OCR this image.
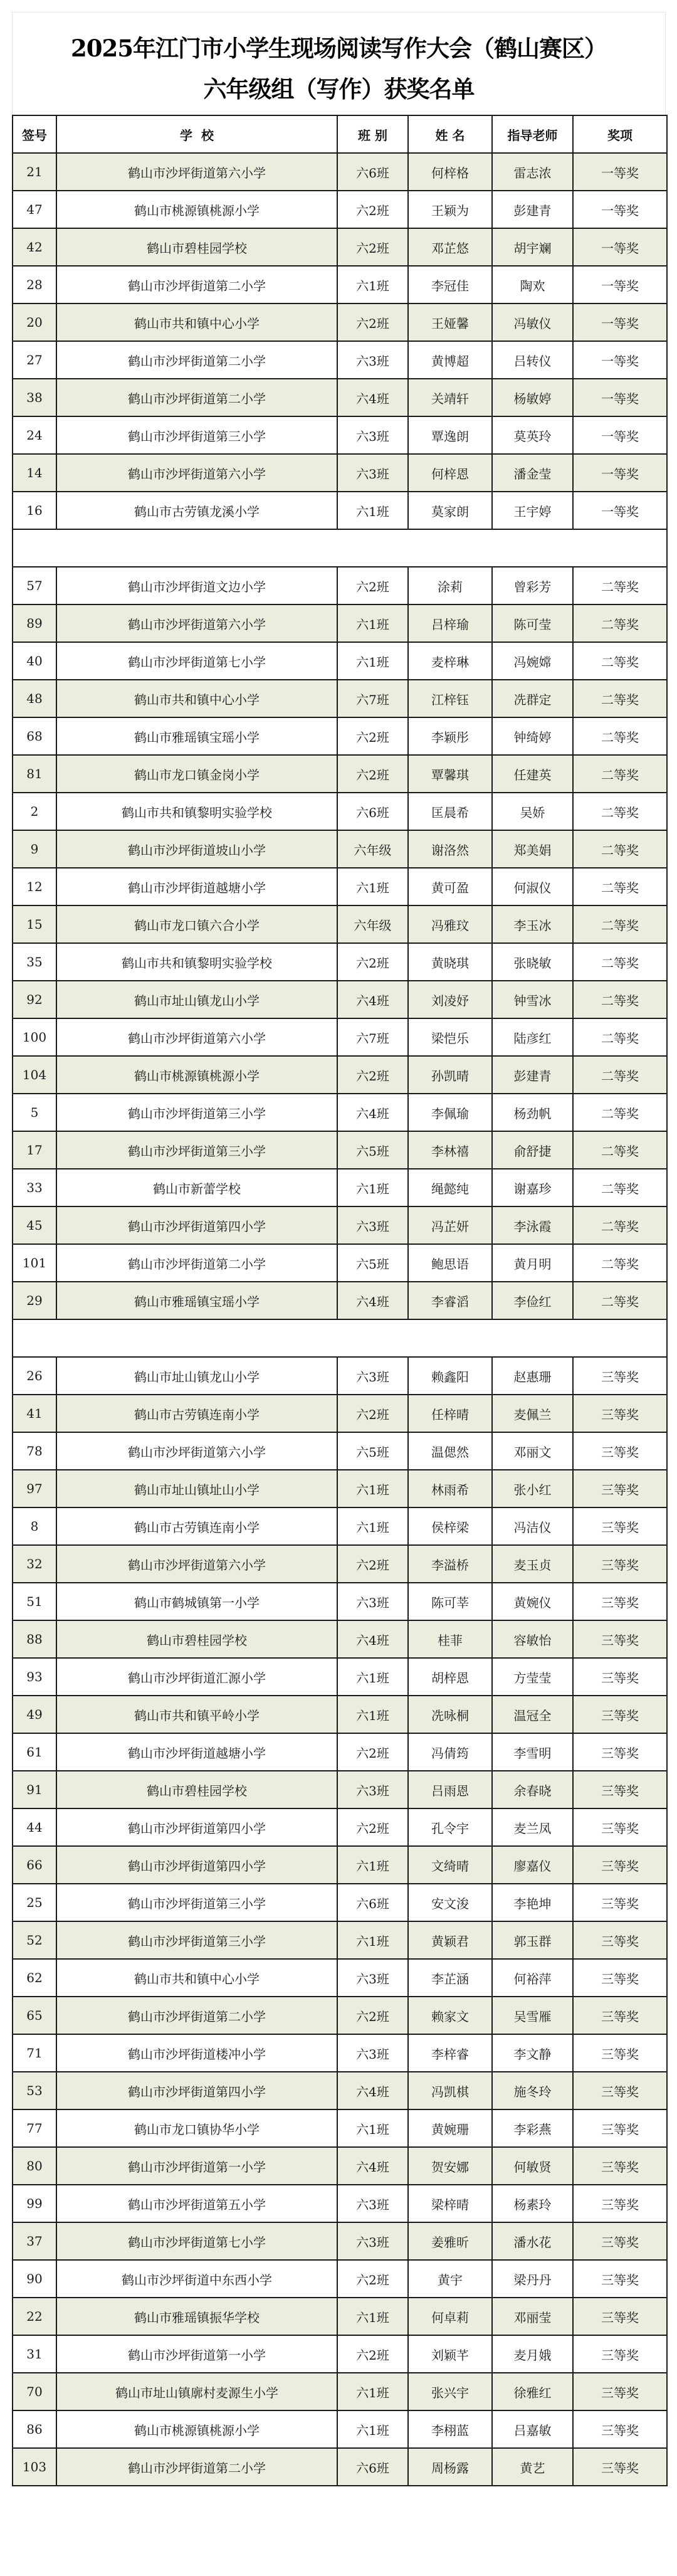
2025年江门市小学生现场阅读写作大会（鹤山赛区）
六年级组（写作）获奖名单
签号	学  校	班 别	姓 名	指导老师	奖项
21	鹤山市沙坪街道第六小学	六6班	何梓格	雷志浓	一等奖
47	鹤山市桃源镇桃源小学	六2班	王颖为	彭建青	一等奖
42	鹤山市碧桂园学校	六2班	邓芷悠	胡宇斓	一等奖
28	鹤山市沙坪街道第二小学	六1班	李冠佳	陶欢	一等奖
20	鹤山市共和镇中心小学	六2班	王娅馨	冯敏仪	一等奖
27	鹤山市沙坪街道第二小学	六3班	黄博超	吕转仪	一等奖
38	鹤山市沙坪街道第二小学	六4班	关靖轩	杨敏婷	一等奖
24	鹤山市沙坪街道第三小学	六3班	覃逸朗	莫英玲	一等奖
14	鹤山市沙坪街道第六小学	六3班	何梓恩	潘金莹	一等奖
16	鹤山市古劳镇龙溪小学	六1班	莫家朗	王宇婷	一等奖

57	鹤山市沙坪街道文边小学	六2班	涂莉	曾彩芳	二等奖
89	鹤山市沙坪街道第六小学	六1班	吕梓瑜	陈可莹	二等奖
40	鹤山市沙坪街道第七小学	六1班	麦梓琳	冯婉嫦	二等奖
48	鹤山市共和镇中心小学	六7班	江梓钰	冼群定	二等奖
68	鹤山市雅瑶镇宝瑶小学	六2班	李颖彤	钟绮婷	二等奖
81	鹤山市龙口镇金岗小学	六2班	覃馨琪	任建英	二等奖
2	鹤山市共和镇黎明实验学校	六6班	匡晨希	吴娇	二等奖
9	鹤山市沙坪街道坡山小学	六年级	谢洛然	郑美娟	二等奖
12	鹤山市沙坪街道越塘小学	六1班	黄可盈	何淑仪	二等奖
15	鹤山市龙口镇六合小学	六年级	冯雅玟	李玉冰	二等奖
35	鹤山市共和镇黎明实验学校	六2班	黄晓琪	张晓敏	二等奖
92	鹤山市址山镇龙山小学	六4班	刘凌妤	钟雪冰	二等奖
100	鹤山市沙坪街道第六小学	六7班	梁恺乐	陆彦红	二等奖
104	鹤山市桃源镇桃源小学	六2班	孙凯晴	彭建青	二等奖
5	鹤山市沙坪街道第三小学	六4班	李佩瑜	杨劲帆	二等奖
17	鹤山市沙坪街道第三小学	六5班	李林禧	俞舒捷	二等奖
33	鹤山市新蕾学校	六1班	绳懿纯	谢嘉珍	二等奖
45	鹤山市沙坪街道第四小学	六3班	冯芷妍	李泳霞	二等奖
101	鹤山市沙坪街道第二小学	六5班	鲍思语	黄月明	二等奖
29	鹤山市雅瑶镇宝瑶小学	六4班	李睿滔	李俭红	二等奖

26	鹤山市址山镇龙山小学	六3班	赖鑫阳	赵惠珊	三等奖
41	鹤山市古劳镇连南小学	六2班	任梓晴	麦佩兰	三等奖
78	鹤山市沙坪街道第六小学	六5班	温偲然	邓丽文	三等奖
97	鹤山市址山镇址山小学	六1班	林雨希	张小红	三等奖
8	鹤山市古劳镇连南小学	六1班	侯梓梁	冯洁仪	三等奖
32	鹤山市沙坪街道第六小学	六2班	李溢桥	麦玉贞	三等奖
51	鹤山市鹤城镇第一小学	六3班	陈可莘	黄婉仪	三等奖
88	鹤山市碧桂园学校	六4班	桂菲	容敏怡	三等奖
93	鹤山市沙坪街道汇源小学	六1班	胡梓恩	方莹莹	三等奖
49	鹤山市共和镇平岭小学	六1班	冼咏桐	温冠全	三等奖
61	鹤山市沙坪街道越塘小学	六2班	冯倩筠	李雪明	三等奖
91	鹤山市碧桂园学校	六3班	吕雨恩	余春晓	三等奖
44	鹤山市沙坪街道第四小学	六2班	孔令宇	麦兰凤	三等奖
66	鹤山市沙坪街道第四小学	六1班	文绮晴	廖嘉仪	三等奖
25	鹤山市沙坪街道第三小学	六6班	安文浚	李艳坤	三等奖
52	鹤山市沙坪街道第三小学	六1班	黄颖君	郭玉群	三等奖
62	鹤山市共和镇中心小学	六3班	李芷涵	何裕萍	三等奖
65	鹤山市沙坪街道第二小学	六2班	赖家文	吴雪雁	三等奖
71	鹤山市沙坪街道楼冲小学	六3班	李梓睿	李文静	三等奖
53	鹤山市沙坪街道第四小学	六4班	冯凯棋	施冬玲	三等奖
77	鹤山市龙口镇协华小学	六1班	黄婉珊	李彩燕	三等奖
80	鹤山市沙坪街道第一小学	六4班	贺安娜	何敏贤	三等奖
99	鹤山市沙坪街道第五小学	六3班	梁梓晴	杨素玲	三等奖
37	鹤山市沙坪街道第七小学	六3班	姜雅昕	潘水花	三等奖
90	鹤山市沙坪街道中东西小学	六2班	黄宇	梁丹丹	三等奖
22	鹤山市雅瑶镇振华学校	六1班	何卓莉	邓丽莹	三等奖
31	鹤山市沙坪街道第一小学	六2班	刘颖芊	麦月娥	三等奖
70	鹤山市址山镇廓村麦源生小学	六1班	张兴宇	徐雅红	三等奖
86	鹤山市桃源镇桃源小学	六1班	李栩蓝	吕嘉敏	三等奖
103	鹤山市沙坪街道第二小学	六6班	周杨露	黄艺	三等奖
